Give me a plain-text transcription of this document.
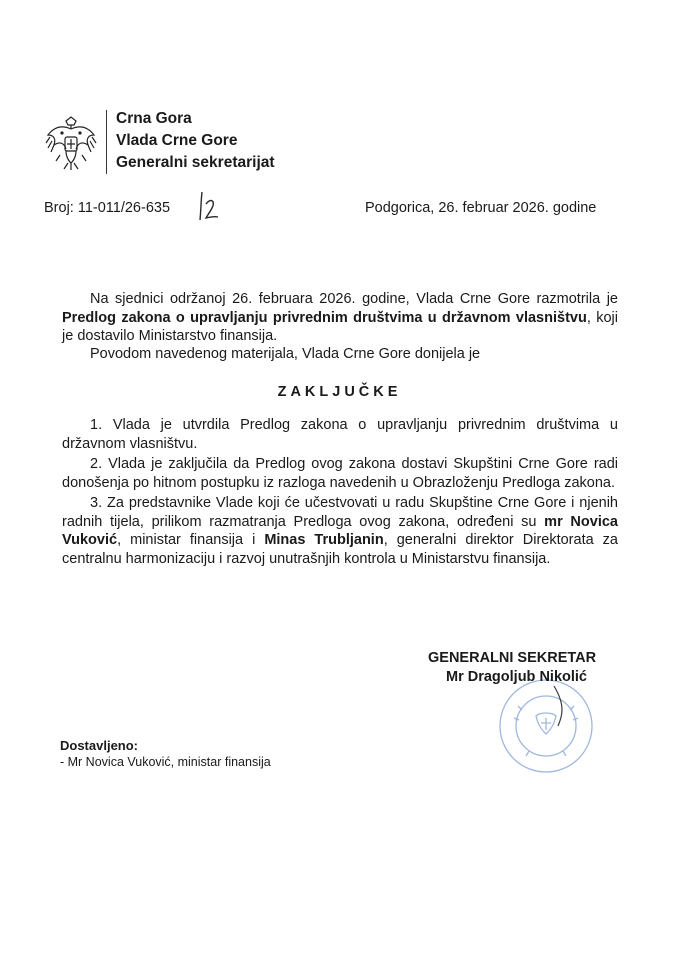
Crna Gora
Vlada Crne Gore
Generalni sekretarijat
Broj: 11-011/26-635	Podgorica, 26. februar 2026. godine
Na sjednici održanoj 26. februara 2026. godine, Vlada Crne Gore razmotrila je Predlog zakona o upravljanju privrednim društvima u državnom vlasništvu, koji je dostavilo Ministarstvo finansija.
Povodom navedenog materijala, Vlada Crne Gore donijela je
ZAKLJUČKE

1. Vlada je utvrdila Predlog zakona o upravljanju privrednim društvima u državnom vlasništvu.

2. Vlada je zaključila da Predlog ovog zakona dostavi Skupštini Crne Gore radi donošenja po hitnom postupku iz razloga navedenih u Obrazloženju Predloga zakona.

3. Za predstavnike Vlade koji će učestvovati u radu Skupštine Crne Gore i njenih radnih tijela, prilikom razmatranja Predloga ovog zakona, određeni su mr Novica Vuković, ministar finansija i Minas Trubljanin, generalni direktor Direktorata za centralnu harmonizaciju i razvoj unutrašnjih kontrola u Ministarstvu finansija.

GENERALNI SEKRETAR
Mr Dragoljub Nikolić
Dostavljeno:
- Mr Novica Vuković, ministar finansija
